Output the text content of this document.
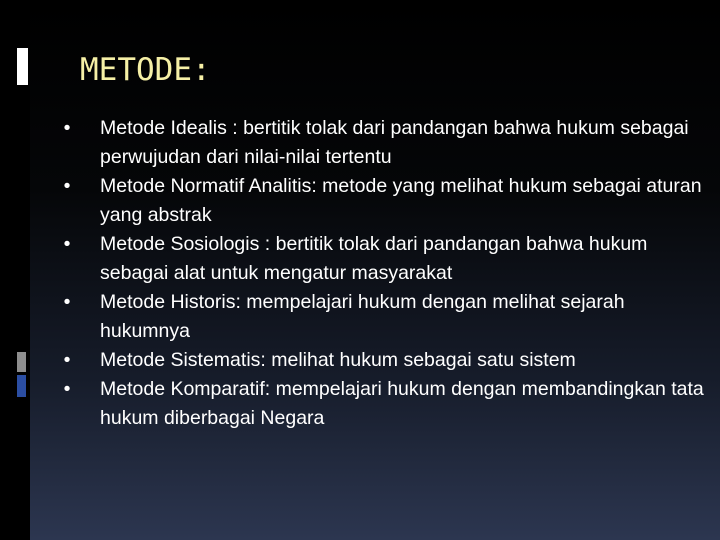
METODE:
• Metode Idealis : bertitik tolak dari pandangan bahwa hukum sebagai perwujudan dari nilai-nilai tertentu
• Metode Normatif Analitis: metode yang melihat hukum sebagai aturan yang abstrak
• Metode Sosiologis : bertitik tolak dari pandangan bahwa hukum sebagai alat untuk mengatur masyarakat
• Metode Historis: mempelajari hukum dengan melihat sejarah hukumnya
• Metode Sistematis: melihat hukum sebagai satu sistem
• Metode Komparatif: mempelajari hukum dengan membandingkan tata hukum diberbagai Negara
